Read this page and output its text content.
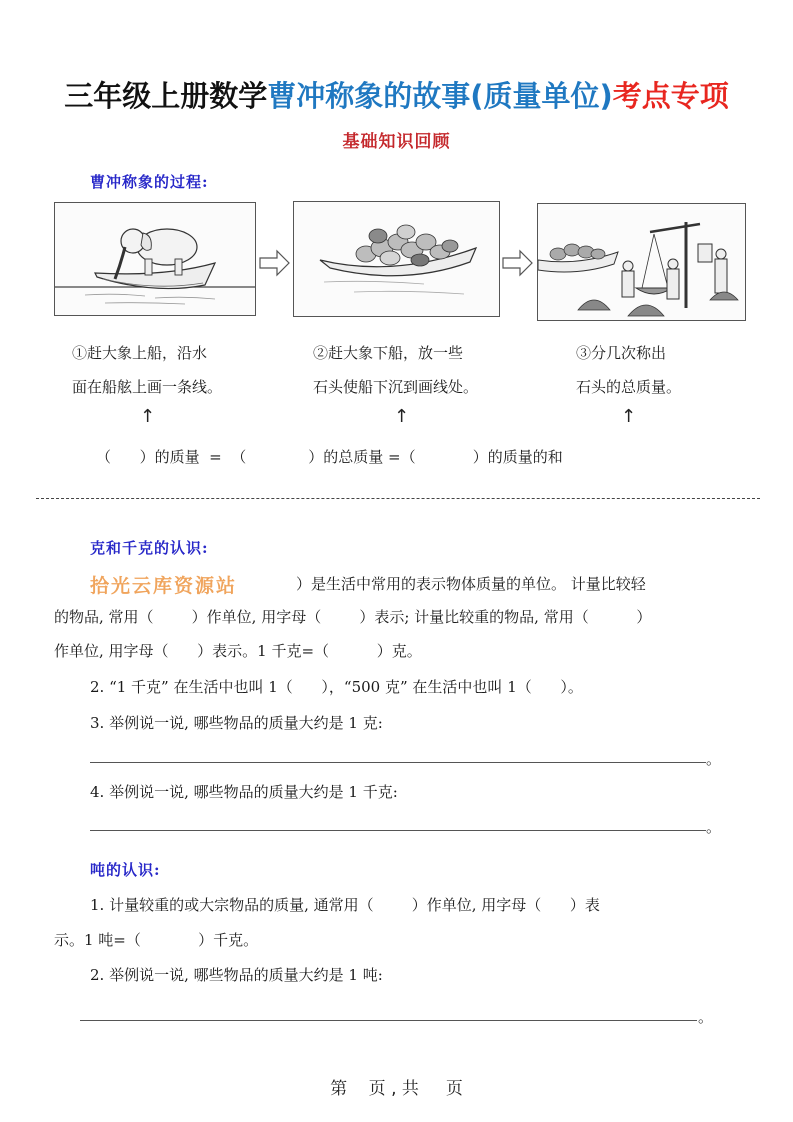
三年级上册数学曹冲称象的故事(质量单位)考点专项
基础知识回顾
曹冲称象的过程:
①赶大象上船，沿水
面在船舷上画一条线。
②赶大象下船，放一些
石头使船下沉到画线处。
③分几次称出
石头的总质量。
↑	↑	↑
（      ）的质量  =  （             ）的总质量 =（            ）的质量的和
克和千克的认识:
拾光云库资源站	）是生活中常用的表示物体质量的单位。 计量比较轻
的物品, 常用（        ）作单位, 用字母（        ）表示; 计量比较重的物品, 常用（          ）
作单位, 用字母（      ）表示。1 千克=（          ）克。
2. “1 千克” 在生活中也叫 1（      ），“500 克” 在生活中也叫 1（      ）。
3. 举例说一说, 哪些物品的质量大约是 1 克:
。
4. 举例说一说, 哪些物品的质量大约是 1 千克:
。
吨的认识:
1. 计量较重的或大宗物品的质量, 通常用（        ）作单位, 用字母（      ）表
示。1 吨=（            ）千克。
2. 举例说一说, 哪些物品的质量大约是 1 吨:
。
第    页 , 共     页
